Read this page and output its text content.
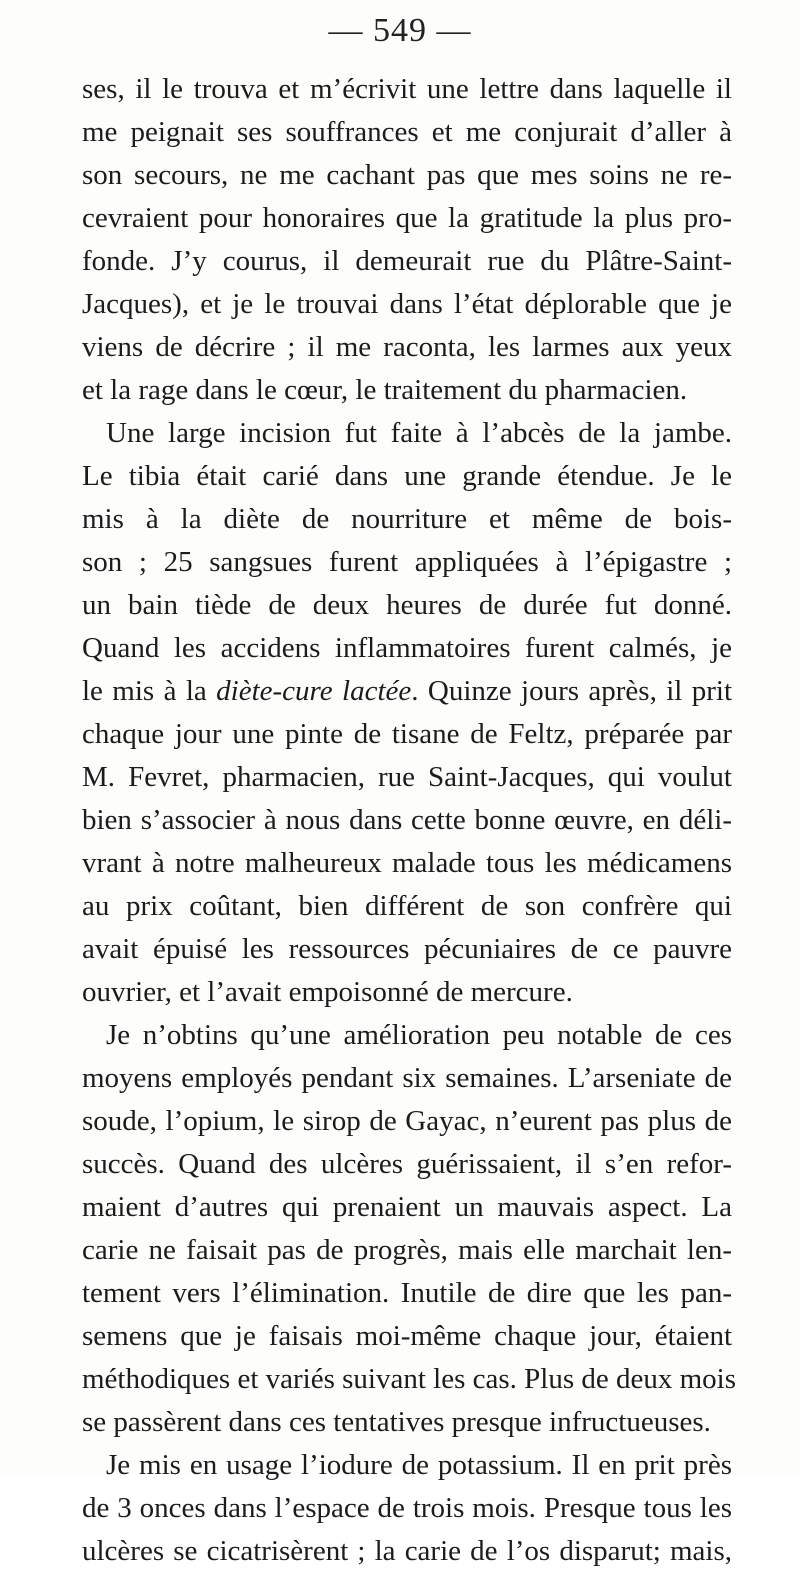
— 549 —
ses, il le trouva et m’écrivit une lettre dans laquelle il
me peignait ses souffrances et me conjurait d’aller à
son secours, ne me cachant pas que mes soins ne re-
cevraient pour honoraires que la gratitude la plus pro-
fonde. J’y courus, il demeurait rue du Plâtre-Saint-
Jacques), et je le trouvai dans l’état déplorable que je
viens de décrire ; il me raconta, les larmes aux yeux
et la rage dans le cœur, le traitement du pharmacien.
Une large incision fut faite à l’abcès de la jambe.
Le tibia était carié dans une grande étendue. Je le
mis à la diète de nourriture et même de bois-
son ; 25 sangsues furent appliquées à l’épigastre ;
un bain tiède de deux heures de durée fut donné.
Quand les accidens inflammatoires furent calmés, je
le mis à la diète-cure lactée. Quinze jours après, il prit
chaque jour une pinte de tisane de Feltz, préparée par
M. Fevret, pharmacien, rue Saint-Jacques, qui voulut
bien s’associer à nous dans cette bonne œuvre, en déli-
vrant à notre malheureux malade tous les médicamens
au prix coûtant, bien différent de son confrère qui
avait épuisé les ressources pécuniaires de ce pauvre
ouvrier, et l’avait empoisonné de mercure.
Je n’obtins qu’une amélioration peu notable de ces
moyens employés pendant six semaines. L’arseniate de
soude, l’opium, le sirop de Gayac, n’eurent pas plus de
succès. Quand des ulcères guérissaient, il s’en refor-
maient d’autres qui prenaient un mauvais aspect. La
carie ne faisait pas de progrès, mais elle marchait len-
tement vers l’élimination. Inutile de dire que les pan-
semens que je faisais moi-même chaque jour, étaient
méthodiques et variés suivant les cas. Plus de deux mois
se passèrent dans ces tentatives presque infructueuses.
Je mis en usage l’iodure de potassium. Il en prit près
de 3 onces dans l’espace de trois mois. Presque tous les
ulcères se cicatrisèrent ; la carie de l’os disparut; mais,
